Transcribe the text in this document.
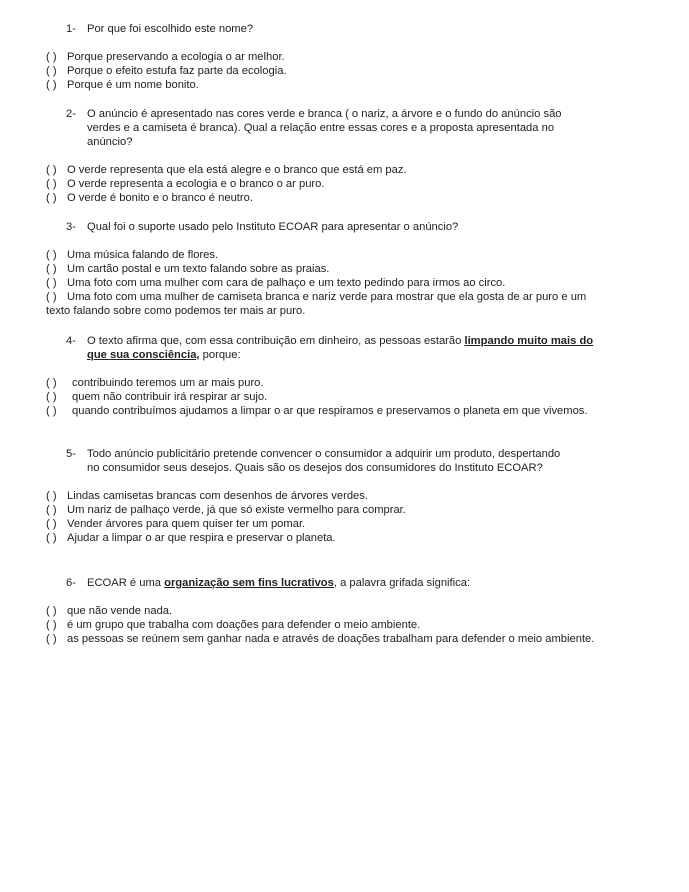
1- Por que foi escolhido este nome?
( ) Porque preservando a ecologia o ar melhor.
( ) Porque o efeito estufa faz parte da ecologia.
( ) Porque é um nome bonito.
2- O anúncio é apresentado nas cores verde e branca ( o nariz, a árvore e o fundo do anúncio são verdes e a camiseta é branca). Qual a relação entre essas cores e a proposta apresentada no anúncio?
( ) O verde representa que ela está alegre e o branco que está em paz.
( ) O verde representa a ecologia e o branco o ar puro.
( ) O verde é bonito e o branco é neutro.
3- Qual foi o suporte usado pelo Instituto ECOAR para apresentar o anúncio?
( ) Uma música falando de flores.
( ) Um cartão postal e um texto falando sobre as praias.
( ) Uma foto com uma mulher com cara de palhaço e um texto pedindo para irmos ao circo.
( ) Uma foto com uma mulher de camiseta branca e nariz verde para mostrar que ela gosta de ar puro e um texto falando sobre como podemos ter mais ar puro.
4- O texto afirma que, com essa contribuição em dinheiro, as pessoas estarão limpando muito mais do que sua consciência, porque:
( ) contribuindo teremos um ar mais puro.
( ) quem não contribuir irá respirar ar sujo.
( ) quando contribuímos ajudamos a limpar o ar que respiramos e preservamos o planeta em que vivemos.
5- Todo anúncio publicitário pretende convencer o consumidor a adquirir um produto, despertando no consumidor seus desejos. Quais são os desejos dos consumidores do Instituto ECOAR?
( ) Lindas camisetas brancas com desenhos de árvores verdes.
( ) Um nariz de palhaço verde, já que só existe vermelho para comprar.
( ) Vender árvores para quem quiser ter um pomar.
( ) Ajudar a limpar o ar que respira e preservar o planeta.
6- ECOAR é uma organização sem fins lucrativos, a palavra grifada significa:
( ) que não vende nada.
( ) é um grupo que trabalha com doações para defender o meio ambiente.
( ) as pessoas se reúnem sem ganhar nada e através de doações trabalham para defender o meio ambiente.
